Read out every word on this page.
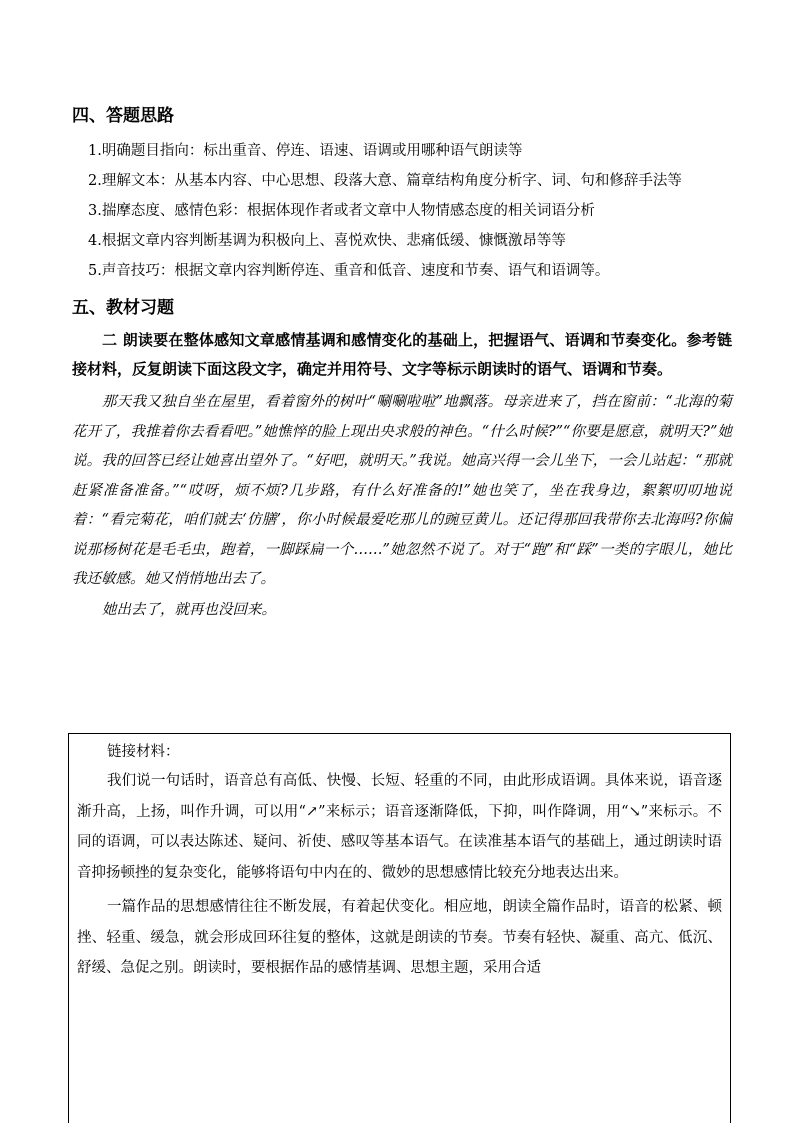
四、答题思路
1.明确题目指向：标出重音、停连、语速、语调或用哪种语气朗读等
2.理解文本：从基本内容、中心思想、段落大意、篇章结构角度分析字、词、句和修辞手法等
3.揣摩态度、感情色彩：根据体现作者或者文章中人物情感态度的相关词语分析
4.根据文章内容判断基调为积极向上、喜悦欢快、悲痛低缓、慷慨激昂等等
5.声音技巧：根据文章内容判断停连、重音和低音、速度和节奏、语气和语调等。
五、教材习题

二 朗读要在整体感知文章感情基调和感情变化的基础上，把握语气、语调和节奏变化。参考链接材料，反复朗读下面这段文字，确定并用符号、文字等标示朗读时的语气、语调和节奏。

那天我又独自坐在屋里，看着窗外的树叶“唰唰啦啦”地飘落。母亲进来了，挡在窗前：“北海的菊花开了，我推着你去看看吧。”她憔悴的脸上现出央求般的神色。“什么时候?”“你要是愿意，就明天?”她说。我的回答已经让她喜出望外了。“好吧，就明天。”我说。她高兴得一会儿坐下，一会儿站起：“那就赶紧准备准备。”“哎呀，烦不烦?几步路，有什么好准备的!”她也笑了，坐在我身边，絮絮叨叨地说着：“看完菊花，咱们就去‘仿膳’，你小时候最爱吃那儿的豌豆黄儿。还记得那回我带你去北海吗?你偏说那杨树花是毛毛虫，跑着，一脚踩扁一个……”她忽然不说了。对于“跑”和“踩”一类的字眼儿，她比我还敏感。她又悄悄地出去了。

她出去了，就再也没回来。

链接材料：

我们说一句话时，语音总有高低、快慢、长短、轻重的不同，由此形成语调。具体来说，语音逐渐升高，上扬，叫作升调，可以用“↗”来标示；语音逐渐降低，下抑，叫作降调，用“↘”来标示。不同的语调，可以表达陈述、疑问、祈使、感叹等基本语气。在读准基本语气的基础上，通过朗读时语音抑扬顿挫的复杂变化，能够将语句中内在的、微妙的思想感情比较充分地表达出来。

一篇作品的思想感情往往不断发展，有着起伏变化。相应地，朗读全篇作品时，语音的松紧、顿挫、轻重、缓急，就会形成回环往复的整体，这就是朗读的节奏。节奏有轻快、凝重、高亢、低沉、舒缓、急促之别。朗读时，要根据作品的感情基调、思想主题，采用合适
